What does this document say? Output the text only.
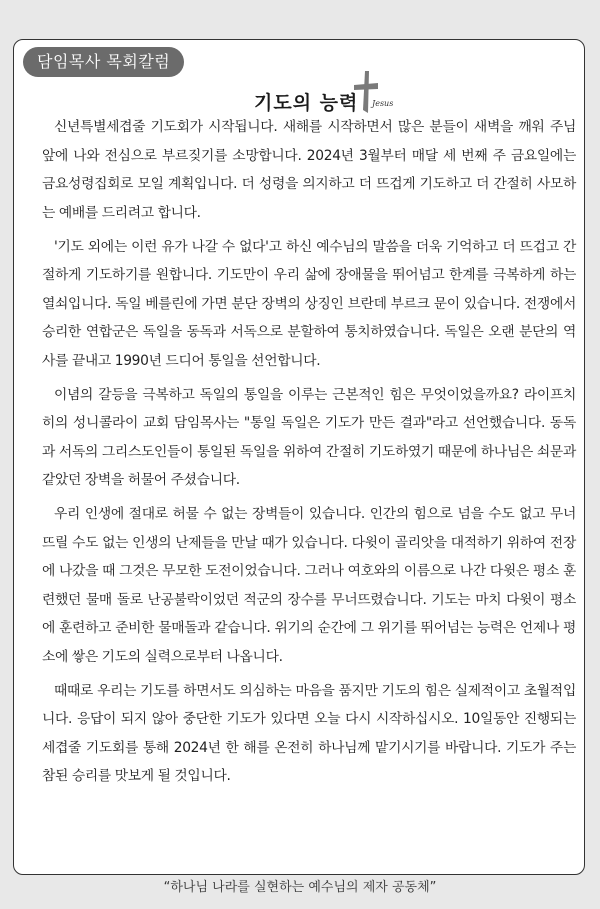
담임목사 목회칼럼
기도의 능력 Jesus

신년특별세겹줄 기도회가 시작됩니다. 새해를 시작하면서 많은 분들이 새벽을 깨워 주님 앞에 나와 전심으로 부르짖기를 소망합니다. 2024년 3월부터 매달 세 번째 주 금요일에는 금요성령집회로 모일 계획입니다. 더 성령을 의지하고 더 뜨겁게 기도하고 더 간절히 사모하는 예배를 드리려고 합니다.

'기도 외에는 이런 유가 나갈 수 없다'고 하신 예수님의 말씀을 더욱 기억하고 더 뜨겁고 간절하게 기도하기를 원합니다. 기도만이 우리 삶에 장애물을 뛰어넘고 한계를 극복하게 하는 열쇠입니다. 독일 베를린에 가면 분단 장벽의 상징인 브란데 부르크 문이 있습니다. 전쟁에서 승리한 연합군은 독일을 동독과 서독으로 분할하여 통치하였습니다. 독일은 오랜 분단의 역사를 끝내고 1990년 드디어 통일을 선언합니다.

이념의 갈등을 극복하고 독일의 통일을 이루는 근본적인 힘은 무엇이었을까요? 라이프치히의 성니콜라이 교회 담임목사는 "통일 독일은 기도가 만든 결과"라고 선언했습니다. 동독과 서독의 그리스도인들이 통일된 독일을 위하여 간절히 기도하였기 때문에 하나님은 쇠문과 같았던 장벽을 허물어 주셨습니다.

우리 인생에 절대로 허물 수 없는 장벽들이 있습니다. 인간의 힘으로 넘을 수도 없고 무너뜨릴 수도 없는 인생의 난제들을 만날 때가 있습니다. 다윗이 골리앗을 대적하기 위하여 전장에 나갔을 때 그것은 무모한 도전이었습니다. 그러나 여호와의 이름으로 나간 다윗은 평소 훈련했던 물매 돌로 난공불락이었던 적군의 장수를 무너뜨렸습니다. 기도는 마치 다윗이 평소에 훈련하고 준비한 물매돌과 같습니다. 위기의 순간에 그 위기를 뛰어넘는 능력은 언제나 평소에 쌓은 기도의 실력으로부터 나옵니다.

때때로 우리는 기도를 하면서도 의심하는 마음을 품지만 기도의 힘은 실제적이고 초월적입니다. 응답이 되지 않아 중단한 기도가 있다면 오늘 다시 시작하십시오. 10일동안 진행되는 세겹줄 기도회를 통해 2024년 한 해를 온전히 하나님께 맡기시기를 바랍니다. 기도가 주는 참된 승리를 맛보게 될 것입니다.

“하나님 나라를 실현하는 예수님의 제자 공동체”
